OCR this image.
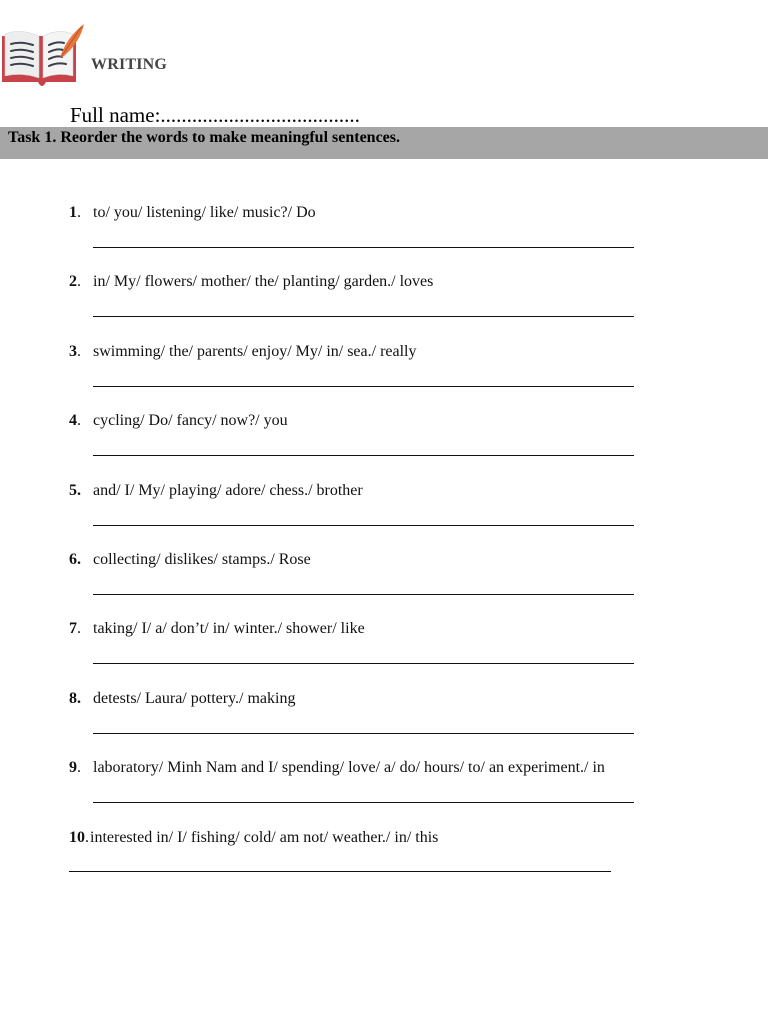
WRITING
Full name:......................................
Task 1. Reorder the words to make meaningful sentences.
1. to/ you/ listening/ like/ music?/ Do
2. in/ My/ flowers/ mother/ the/ planting/ garden./ loves
3. swimming/ the/ parents/ enjoy/ My/ in/ sea./ really
4. cycling/ Do/ fancy/ now?/ you
5. and/ I/ My/ playing/ adore/ chess./ brother
6. collecting/ dislikes/ stamps./ Rose
7. taking/ I/ a/ don’t/ in/ winter./ shower/ like
8. detests/ Laura/ pottery./ making
9. laboratory/ Minh Nam and I/ spending/ love/ a/ do/ hours/ to/ an experiment./ in
10. interested in/ I/ fishing/ cold/ am not/ weather./ in/ this
